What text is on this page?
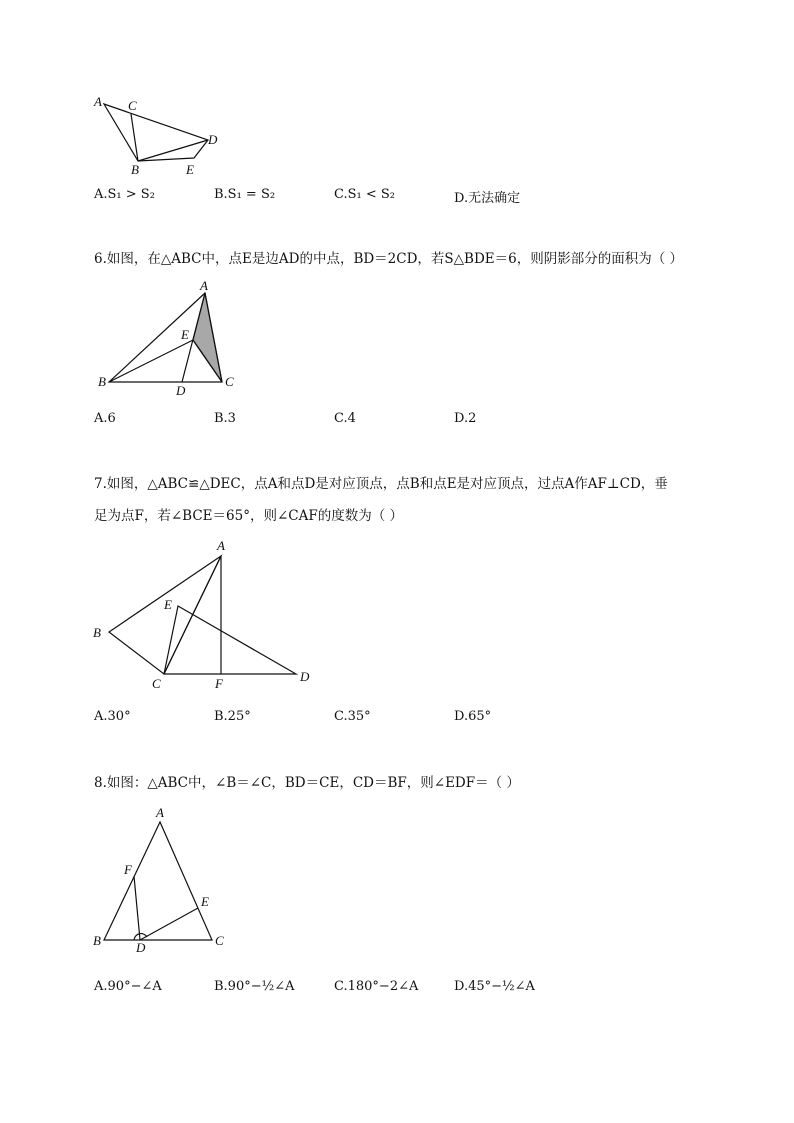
A C
D
B	E
A.S₁ > S₂	B.S₁ = S₂	C.S₁ < S₂	D.无法确定
6.如图，在△ABC中，点E是边AD的中点，BD＝2CD，若S△BDE＝6，则阴影部分的面积为（ ）
A
E
B
D
C
A.6	B.3	C.4	D.2
7.如图，△ABC≌△DEC，点A和点D是对应顶点，点B和点E是对应顶点，过点A作AF⊥CD，垂
足为点F，若∠BCE＝65°，则∠CAF的度数为（ ）
A
E
B
C	F	D
A.30°	B.25°	C.35°	D.65°
8.如图：△ABC中，∠B＝∠C，BD＝CE，CD＝BF，则∠EDF＝（ ）
A
F
E
B	D	C
A.90°−∠A	B.90°−½∠A	C.180°−2∠A	D.45°−½∠A
